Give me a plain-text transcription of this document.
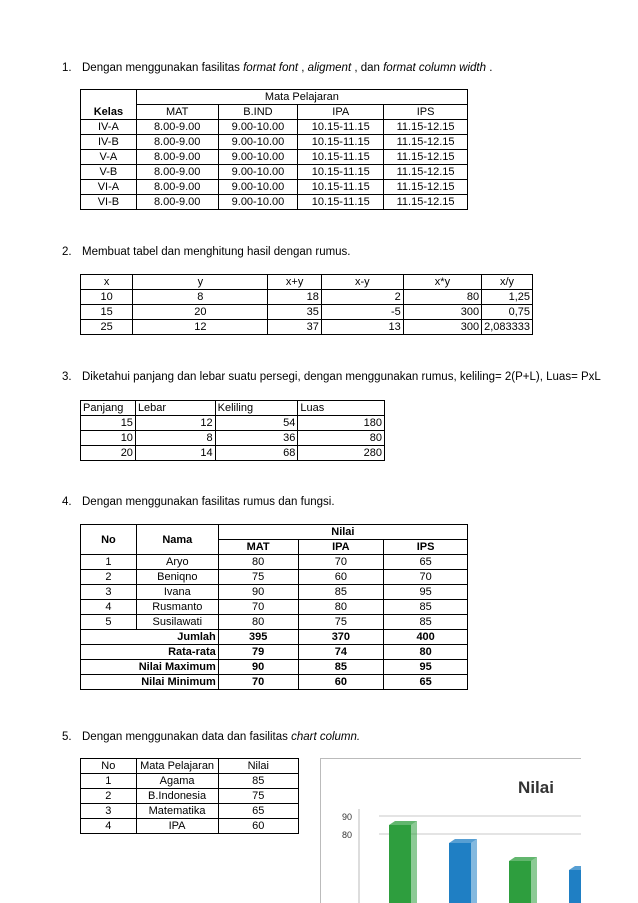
1. Dengan menggunakan fasilitas format font , aligment , dan format column width .
	Mata Pelajaran			
Kelas	MAT	B.IND	IPA	IPS
IV-A	8.00-9.00	9.00-10.00	10.15-11.15	11.15-12.15
IV-B	8.00-9.00	9.00-10.00	10.15-11.15	11.15-12.15
V-A	8.00-9.00	9.00-10.00	10.15-11.15	11.15-12.15
V-B	8.00-9.00	9.00-10.00	10.15-11.15	11.15-12.15
VI-A	8.00-9.00	9.00-10.00	10.15-11.15	11.15-12.15
VI-B	8.00-9.00	9.00-10.00	10.15-11.15	11.15-12.15
2. Membuat tabel dan menghitung hasil dengan rumus.
x	y	x+y	x-y	x*y	x/y
10	8	18	2	80	1,25
15	20	35	-5	300	0,75
25	12	37	13	300	2,083333
3. Diketahui panjang dan lebar suatu persegi, dengan menggunakan rumus, keliling= 2(P+L), Luas= PxL
Panjang	Lebar	Keliling	Luas
15	12	54	180
10	8	36	80
20	14	68	280
4. Dengan menggunakan fasilitas rumus dan fungsi.
No	Nama	Nilai		
		MAT	IPA	IPS
1	Aryo	80	70	65
2	Beniqno	75	60	70
3	Ivana	90	85	95
4	Rusmanto	70	80	85
5	Susilawati	80	75	85
Jumlah		395	370	400
Rata-rata		79	74	80
Nilai Maximum		90	85	95
Nilai Minimum		70	60	65
5. Dengan menggunakan data dan fasilitas chart column.
No	Mata Pelajaran	Nilai
1	Agama	85
2	B.Indonesia	75
3	Matematika	65
4	IPA	60
Nilai
90
80
